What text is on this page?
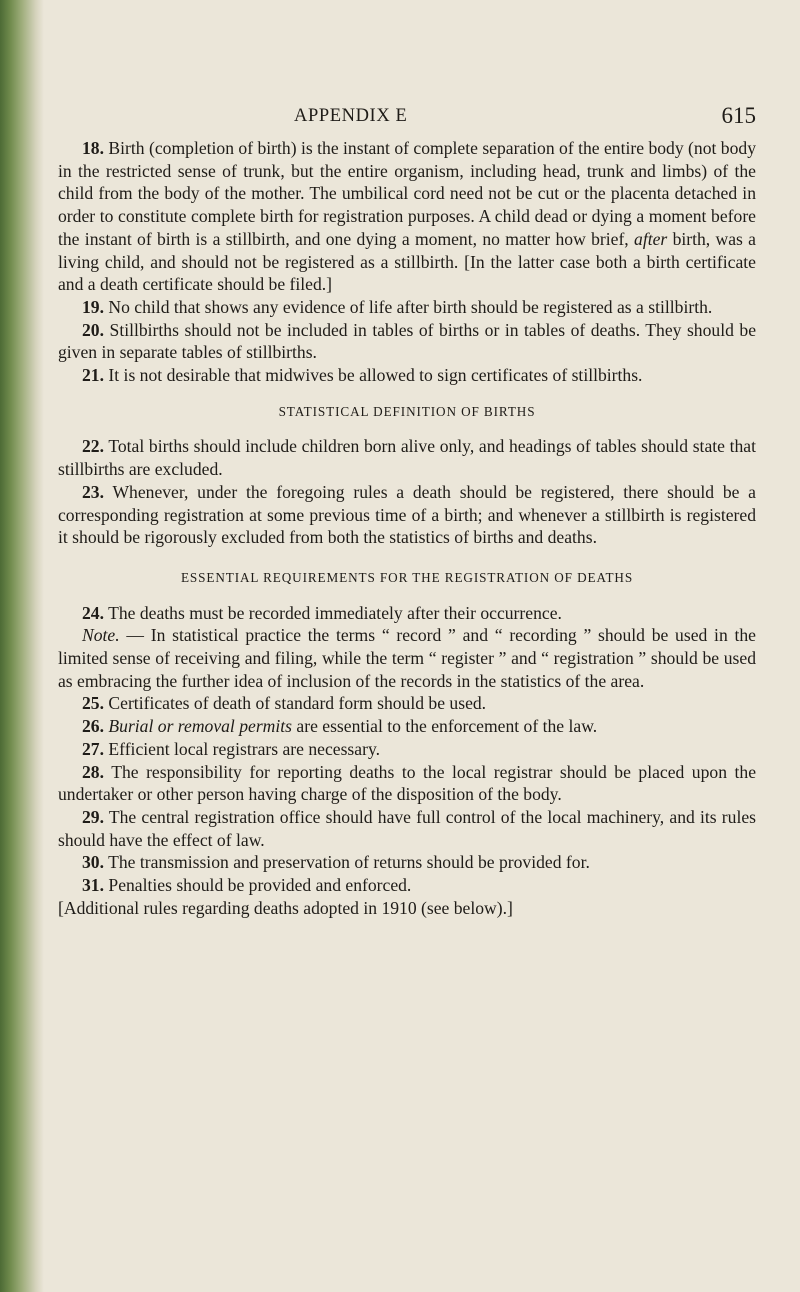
APPENDIX E	615

18. Birth (completion of birth) is the instant of complete separation of the entire body (not body in the restricted sense of trunk, but the entire organism, including head, trunk and limbs) of the child from the body of the mother. The umbilical cord need not be cut or the placenta detached in order to constitute complete birth for registration purposes. A child dead or dying a moment before the instant of birth is a stillbirth, and one dying a moment, no matter how brief, after birth, was a living child, and should not be registered as a stillbirth. [In the latter case both a birth certificate and a death certificate should be filed.]

19. No child that shows any evidence of life after birth should be registered as a stillbirth.

20. Stillbirths should not be included in tables of births or in tables of deaths. They should be given in separate tables of stillbirths.

21. It is not desirable that midwives be allowed to sign certificates of stillbirths.

STATISTICAL DEFINITION OF BIRTHS

22. Total births should include children born alive only, and headings of tables should state that stillbirths are excluded.

23. Whenever, under the foregoing rules a death should be registered, there should be a corresponding registration at some previous time of a birth; and whenever a stillbirth is registered it should be rigorously excluded from both the statistics of births and deaths.

ESSENTIAL REQUIREMENTS FOR THE REGISTRATION OF DEATHS

24. The deaths must be recorded immediately after their occurrence.

Note. — In statistical practice the terms “ record ” and “ recording ” should be used in the limited sense of receiving and filing, while the term “ register ” and “ registration ” should be used as embracing the further idea of inclusion of the records in the statistics of the area.

25. Certificates of death of standard form should be used.

26. Burial or removal permits are essential to the enforcement of the law.

27. Efficient local registrars are necessary.

28. The responsibility for reporting deaths to the local registrar should be placed upon the undertaker or other person having charge of the disposition of the body.

29. The central registration office should have full control of the local machinery, and its rules should have the effect of law.

30. The transmission and preservation of returns should be provided for.

31. Penalties should be provided and enforced.

[Additional rules regarding deaths adopted in 1910 (see below).]
